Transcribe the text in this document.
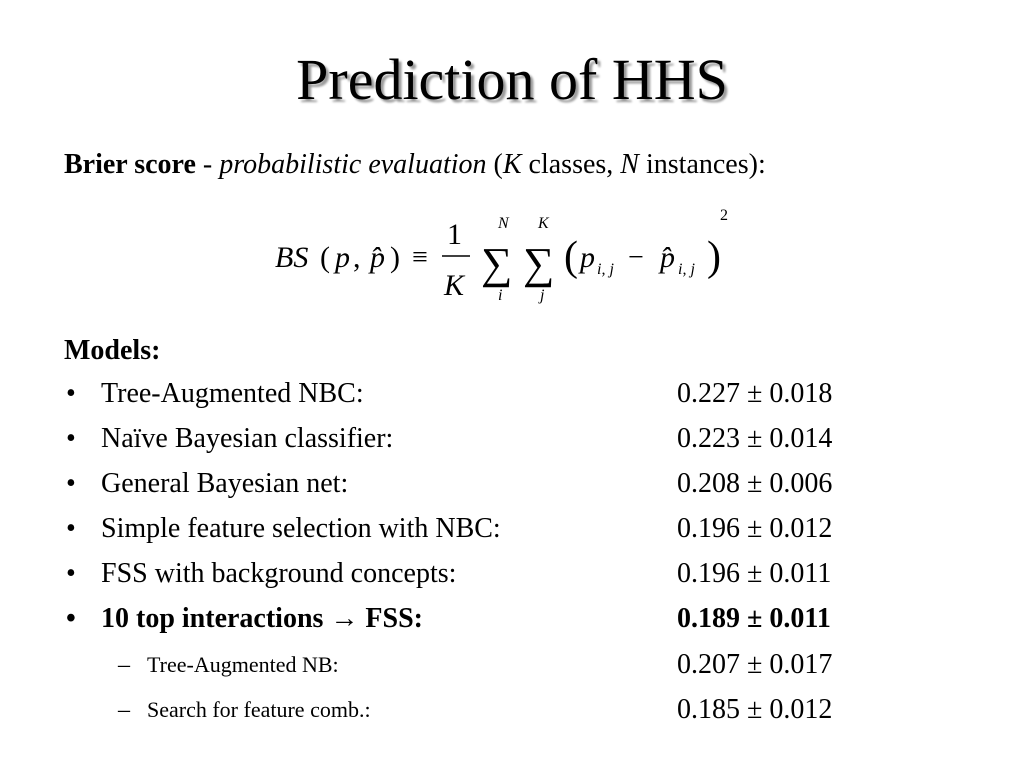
Prediction of HHS
Brier score - probabilistic evaluation (K classes, N instances):
BS ( p , p̂ ) ≡
1
K
N
∑
i
K
∑
j
( p i, j − p̂ i, j )
2
Models:
• Tree-Augmented NBC:	0.227 ± 0.018
• Naïve Bayesian classifier:	0.223 ± 0.014
• General Bayesian net:	0.208 ± 0.006
• Simple feature selection with NBC:	0.196 ± 0.012
• FSS with background concepts:	0.196 ± 0.011
• 10 top interactions → FSS:	0.189 ± 0.011
– Tree-Augmented NB:	0.207 ± 0.017
– Search for feature comb.:	0.185 ± 0.012
